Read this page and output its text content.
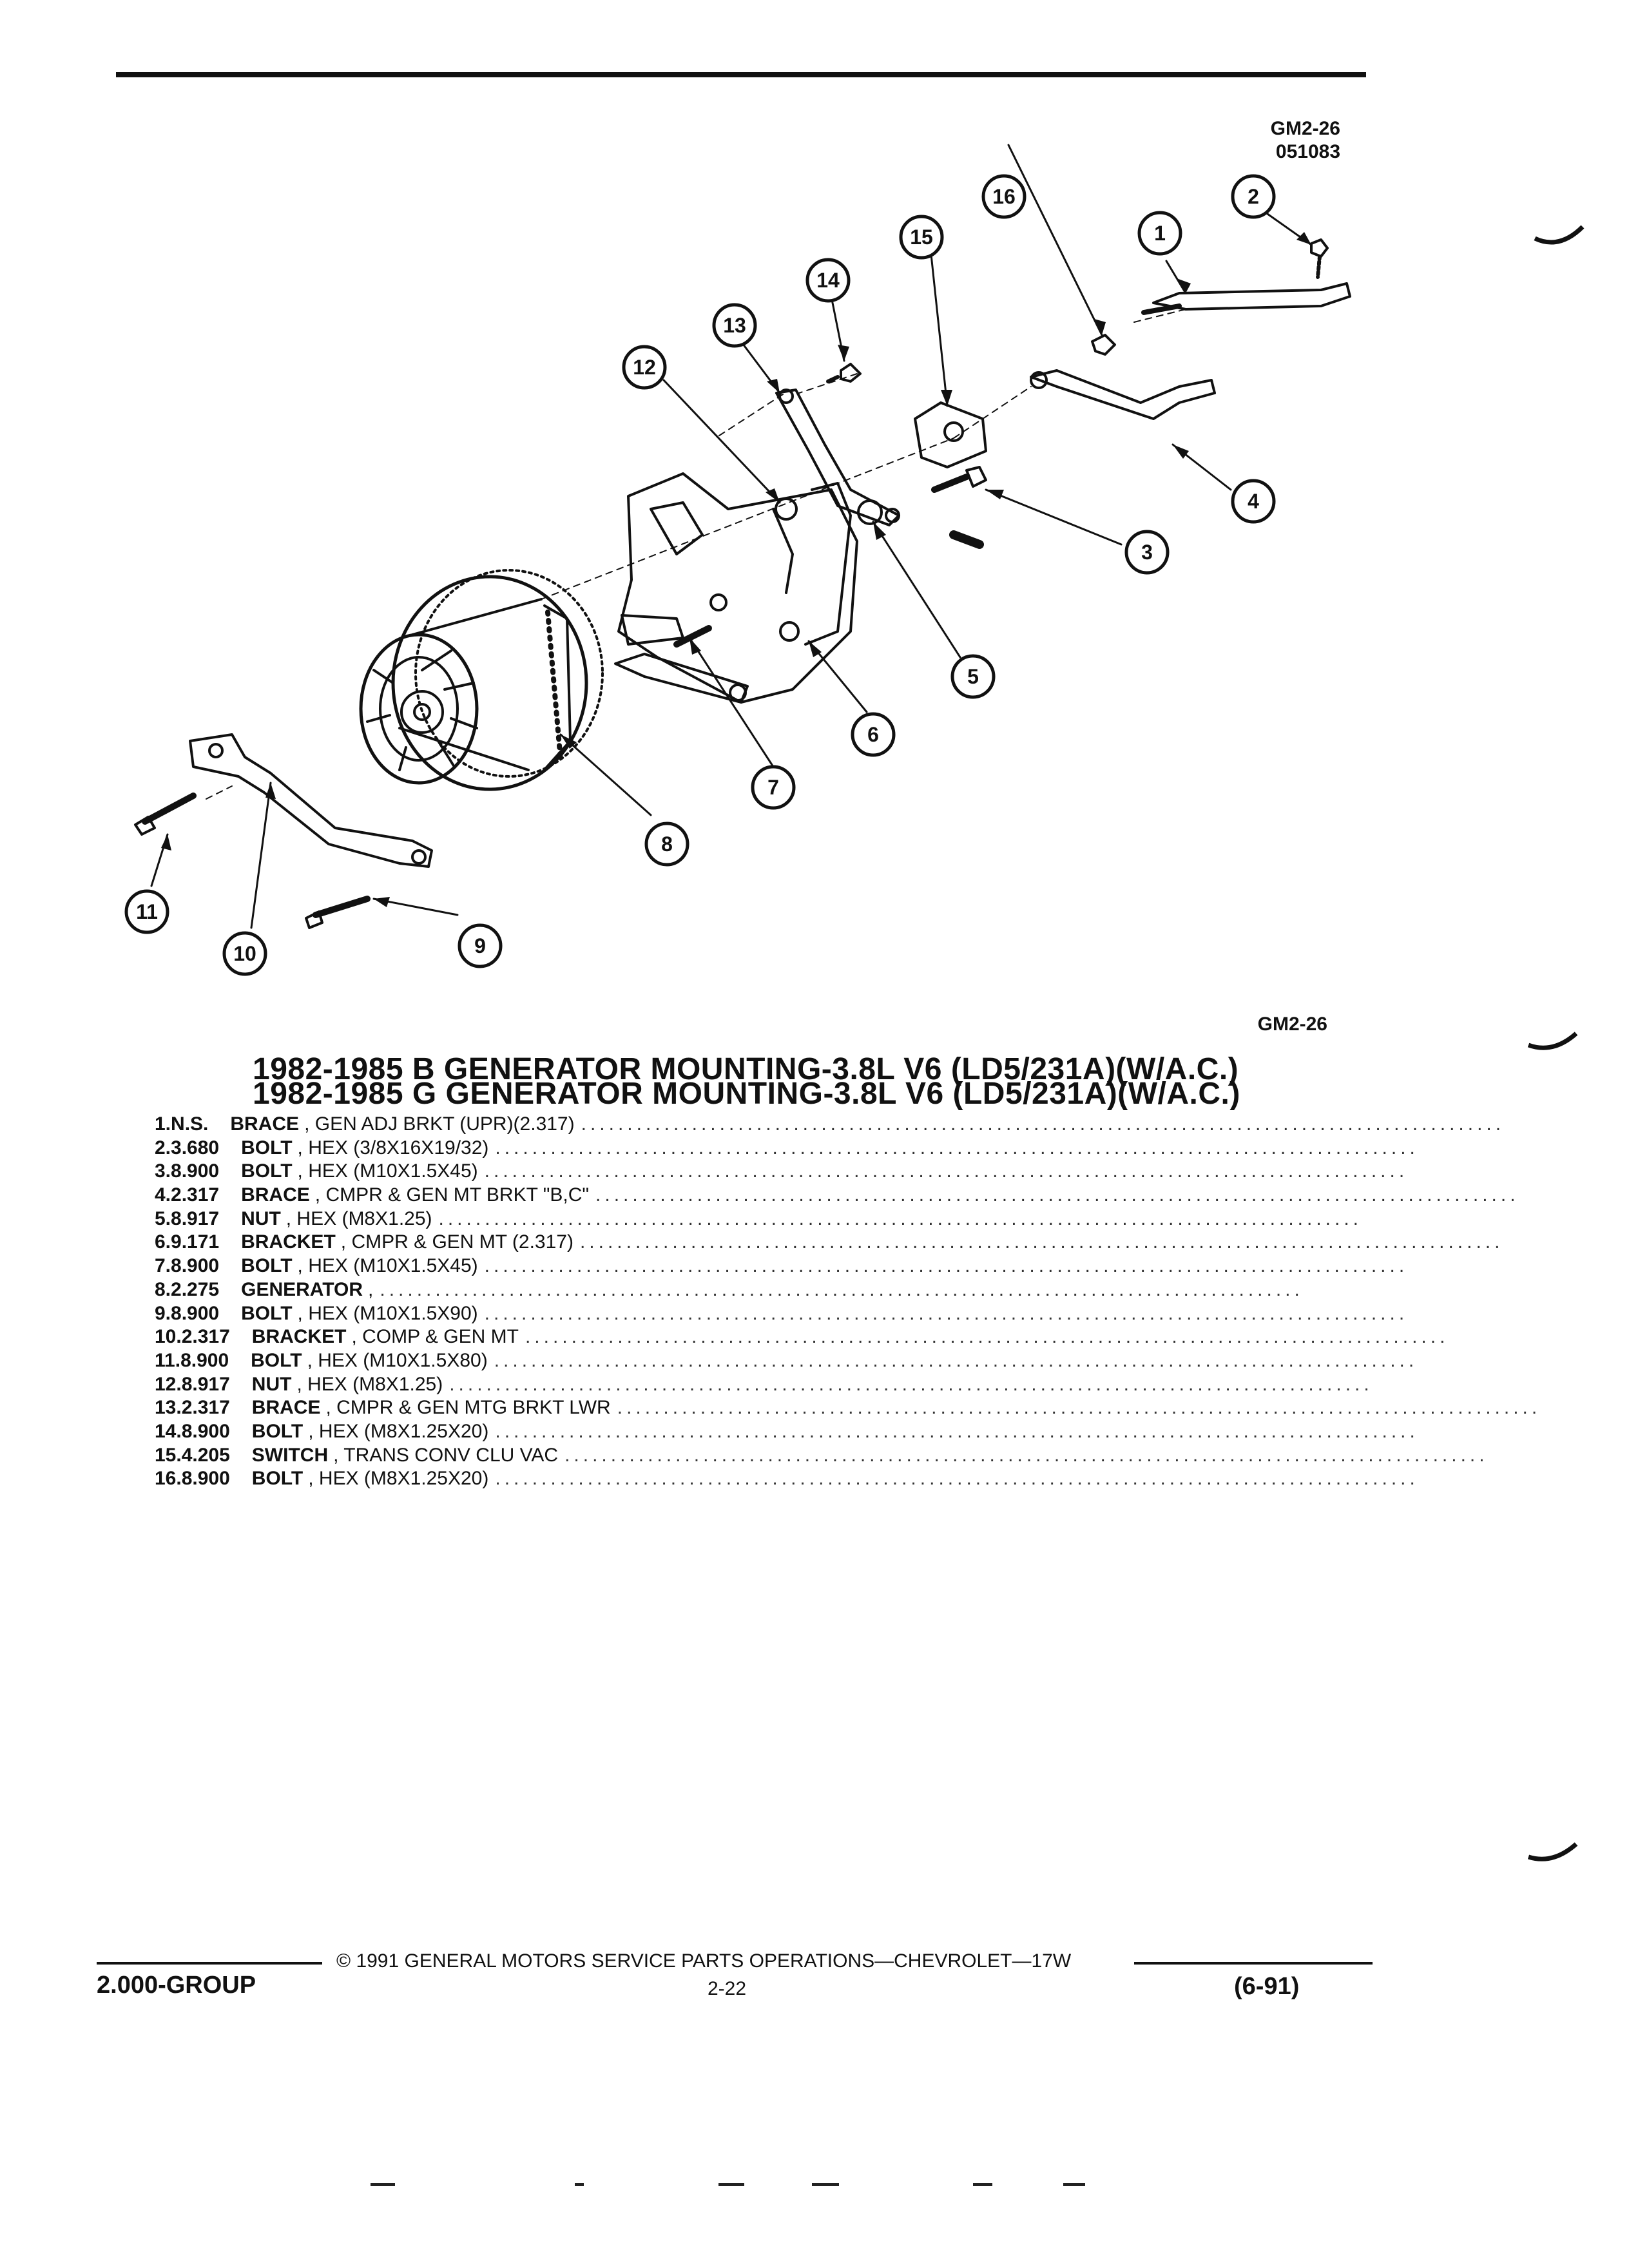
GM2-26
051083
1
2
3
4
5
6
7
8
9
10
11
12
13
14
15
16
GM2-26
1982-1985 B GENERATOR MOUNTING-3.8L V6 (LD5/231A)(W/A.C.)
1982-1985 G GENERATOR MOUNTING-3.8L V6 (LD5/231A)(W/A.C.)
1. N.S. BRACE , GEN ADJ BRKT (UPR)(2.317) ....................................................................................................
2. 3.680 BOLT , HEX (3/8X16X19/32) ....................................................................................................
3. 8.900 BOLT , HEX (M10X1.5X45) ....................................................................................................
4. 2.317 BRACE , CMPR & GEN MT BRKT "B,C" ....................................................................................................
5. 8.917 NUT , HEX (M8X1.25) ....................................................................................................
6. 9.171 BRACKET , CMPR & GEN MT (2.317) ....................................................................................................
7. 8.900 BOLT , HEX (M10X1.5X45) ....................................................................................................
8. 2.275 GENERATOR , ....................................................................................................
9. 8.900 BOLT , HEX (M10X1.5X90) ....................................................................................................
10. 2.317 BRACKET , COMP & GEN MT ....................................................................................................
11. 8.900 BOLT , HEX (M10X1.5X80) ....................................................................................................
12. 8.917 NUT , HEX (M8X1.25) ....................................................................................................
13. 2.317 BRACE , CMPR & GEN MTG BRKT LWR ....................................................................................................
14. 8.900 BOLT , HEX (M8X1.25X20) ....................................................................................................
15. 4.205 SWITCH , TRANS CONV CLU VAC ....................................................................................................
16. 8.900 BOLT , HEX (M8X1.25X20) ....................................................................................................
© 1991 GENERAL MOTORS SERVICE PARTS OPERATIONS—CHEVROLET—17W
2.000-GROUP	2-22	(6-91)
